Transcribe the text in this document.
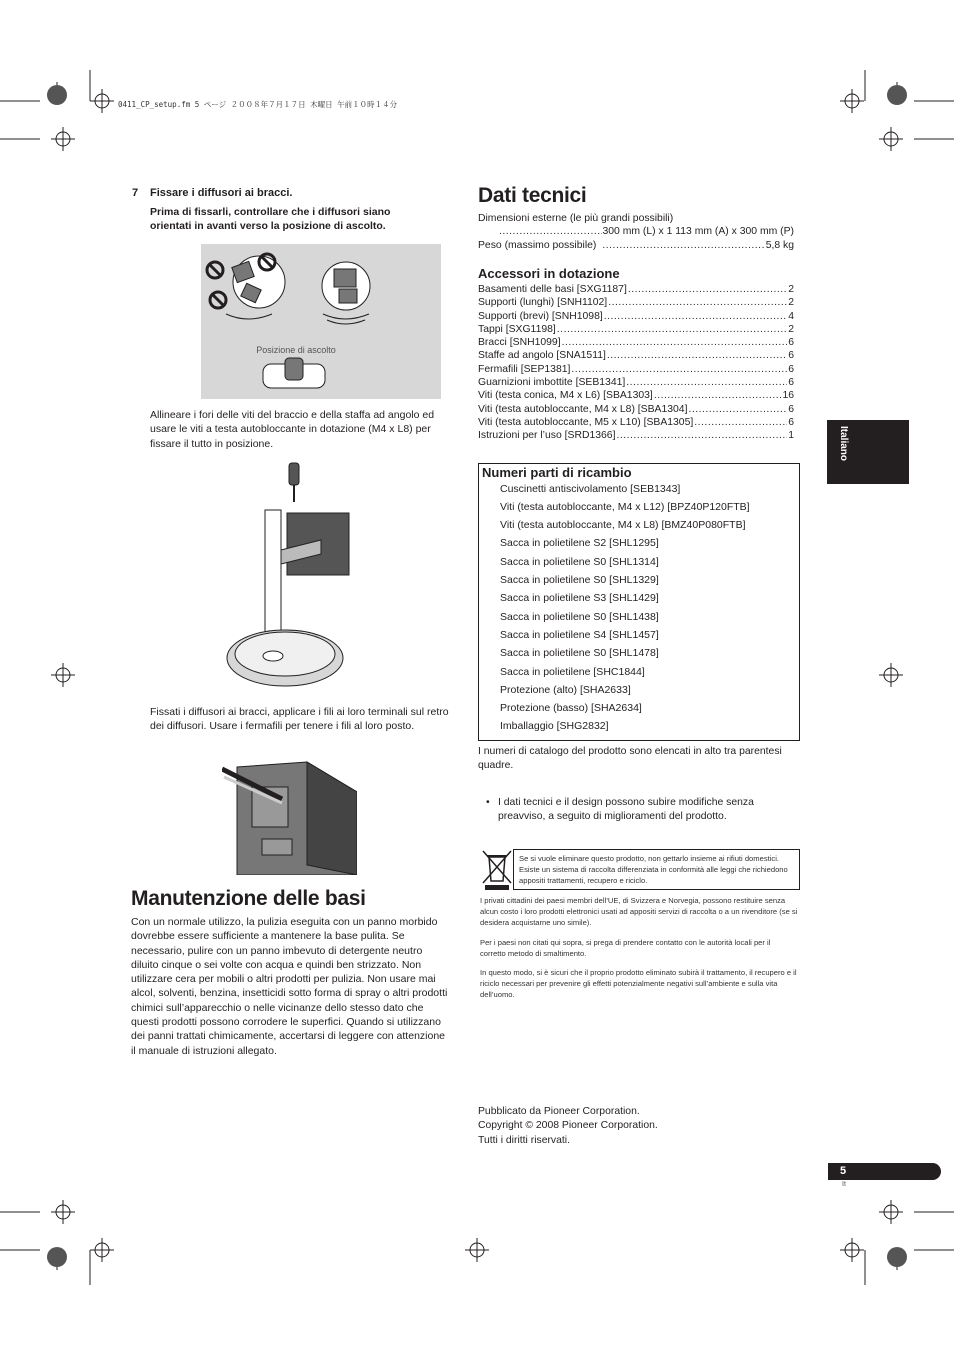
0411_CP_setup.fm 5 ページ ２００８年７月１７日 木曜日 午前１０時１４分
7 Fissare i diffusori ai bracci.
Prima di fissarli, controllare che i diffusori siano orientati in avanti verso la posizione di ascolto.
Posizione di ascolto
Allineare i fori delle viti del braccio e della staffa ad angolo ed usare le viti a testa autobloccante in dotazione (M4 x L8) per fissare il tutto in posizione.
Fissati i diffusori ai bracci, applicare i fili ai loro terminali sul retro dei diffusori. Usare i fermafili per tenere i fili al loro posto.
Manutenzione delle basi
Con un normale utilizzo, la pulizia eseguita con un panno morbido dovrebbe essere sufficiente a mantenere la base pulita. Se necessario, pulire con un panno imbevuto di detergente neutro diluito cinque o sei volte con acqua e quindi ben strizzato. Non utilizzare cera per mobili o altri prodotti per pulizia. Non usare mai alcol, solventi, benzina, insetticidi sotto forma di spray o altri prodotti chimici sull’apparecchio o nelle vicinanze dello stesso dato che questi prodotti possono corrodere le superfici. Quando si utilizzano dei panni trattati chimicamente, accertarsi di leggere con attenzione il manuale di istruzioni allegato.
Dati tecnici
Dimensioni esterne (le più grandi possibili)
.....
300 mm (L) x 1 113 mm (A) x 300 mm (P)
Peso (massimo possibile) .....	5,8 kg
Accessori in dotazione
Basamenti delle basi [SXG1187] .....	2
Supporti (lunghi) [SNH1102] .....	2
Supporti (brevi) [SNH1098] .....	4
Tappi [SXG1198] .....	2
Bracci [SNH1099] .....	6
Staffe ad angolo [SNA1511] .....	6
Fermafili [SEP1381] .....	6
Guarnizioni imbottite [SEB1341] .....	6
Viti (testa conica, M4 x L6) [SBA1303] .....	16
Viti (testa autobloccante, M4 x L8) [SBA1304] .....	6
Viti (testa autobloccante, M5 x L10) [SBA1305] .....	6
Istruzioni per l’uso [SRD1366] .....	1
Numeri parti di ricambio
Cuscinetti antiscivolamento [SEB1343]
Viti (testa autobloccante, M4 x L12) [BPZ40P120FTB]
Viti (testa autobloccante, M4 x L8) [BMZ40P080FTB]
Sacca in polietilene S2 [SHL1295]
Sacca in polietilene S0 [SHL1314]
Sacca in polietilene S0 [SHL1329]
Sacca in polietilene S3 [SHL1429]
Sacca in polietilene S0 [SHL1438]
Sacca in polietilene S4 [SHL1457]
Sacca in polietilene S0 [SHL1478]
Sacca in polietilene [SHC1844]
Protezione (alto) [SHA2633]
Protezione (basso) [SHA2634]
Imballaggio [SHG2832]
I numeri di catalogo del prodotto sono elencati in alto tra parentesi quadre.
• I dati tecnici e il design possono subire modifiche senza preavviso, a seguito di miglioramenti del prodotto.
Se si vuole eliminare questo prodotto, non gettarlo insieme ai rifiuti domestici. Esiste un sistema di raccolta differenziata in conformità alle leggi che richiedono appositi trattamenti, recupero e riciclo.
I privati cittadini dei paesi membri dell’UE, di Svizzera e Norvegia, possono restituire senza alcun costo i loro prodotti elettronici usati ad appositi servizi di raccolta o a un rivenditore (se si desidera acquistarne uno simile).
Per i paesi non citati qui sopra, si prega di prendere contatto con le autorità locali per il corretto metodo di smaltimento.
In questo modo, si è sicuri che il proprio prodotto eliminato subirà il trattamento, il recupero e il riciclo necessari per prevenire gli effetti potenzialmente negativi sull’ambiente e sulla vita dell’uomo.
Pubblicato da Pioneer Corporation.
Copyright © 2008 Pioneer Corporation.
Tutti i diritti riservati.
Italiano
5
It
